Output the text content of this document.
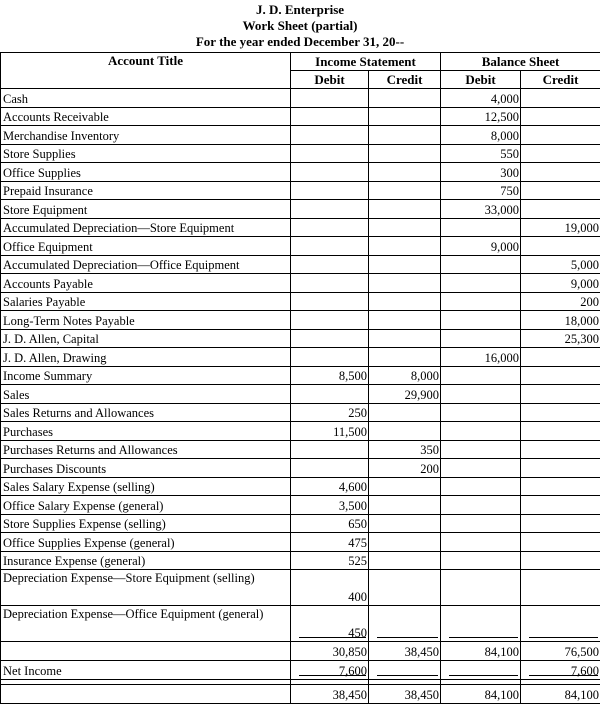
J. D. Enterprise
Work Sheet (partial)
For the year ended December 31, 20--
Account Title	Income Statement		Balance Sheet	
	Debit	Credit	Debit	Credit
Cash			4,000	
Accounts Receivable			12,500	
Merchandise Inventory			8,000	
Store Supplies			550	
Office Supplies			300	
Prepaid Insurance			750	
Store Equipment			33,000	
Accumulated Depreciation—Store Equipment				19,000
Office Equipment			9,000	
Accumulated Depreciation—Office Equipment				5,000
Accounts Payable				9,000
Salaries Payable				200
Long-Term Notes Payable				18,000
J. D. Allen, Capital				25,300
J. D. Allen, Drawing			16,000	
Income Summary	8,500	8,000		
Sales		29,900		
Sales Returns and Allowances	250			
Purchases	11,500			
Purchases Returns and Allowances		350		
Purchases Discounts		200		
Sales Salary Expense (selling)	4,600			
Office Salary Expense (general)	3,500			
Store Supplies Expense (selling)	650			
Office Supplies Expense (general)	475			
Insurance Expense (general)	525			
Depreciation Expense—Store Equipment (selling)	400			
Depreciation Expense—Office Equipment (general)	450			
	30,850	38,450	84,100	76,500
Net Income	7,600			7,600

	38,450	38,450	84,100	84,100
